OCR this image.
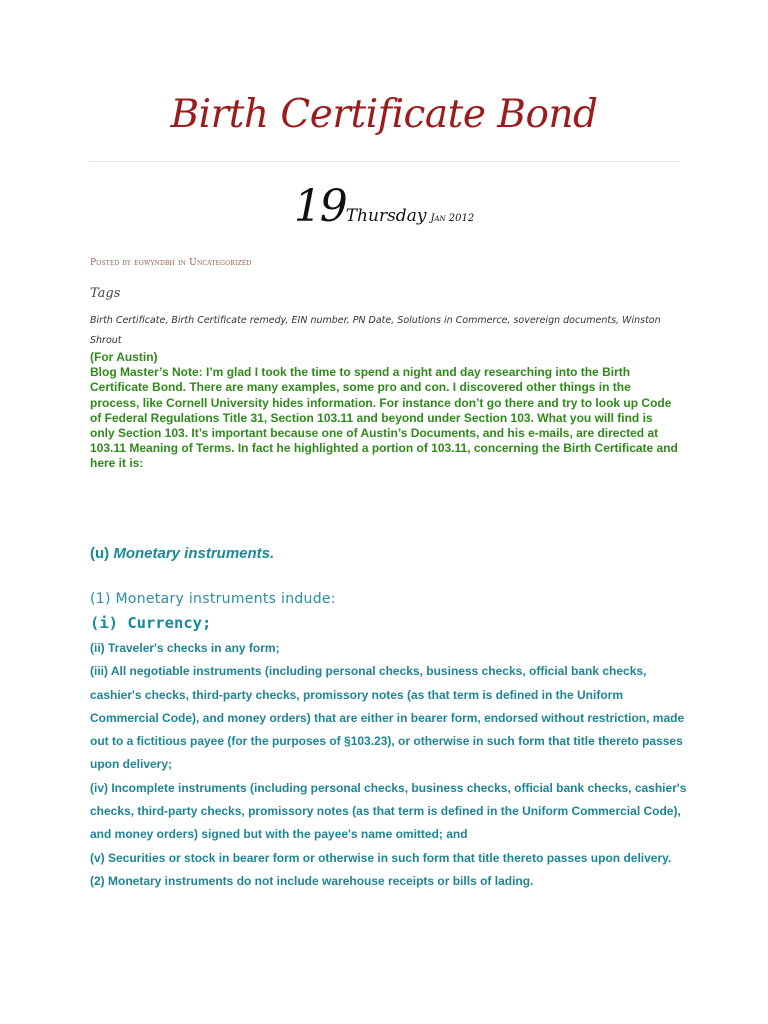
Birth Certificate Bond
19Thursday Jan 2012
Posted by eowyndbh in Uncategorized
Tags
Birth Certificate, Birth Certificate remedy, EIN number, PN Date, Solutions in Commerce, sovereign documents, Winston Shrout

(For Austin)

Blog Master’s Note: I’m glad I took the time to spend a night and day researching into the Birth Certificate Bond. There are many examples, some pro and con. I discovered other things in the process, like Cornell University hides information. For instance don’t go there and try to look up Code of Federal Regulations Title 31, Section 103.11 and beyond under Section 103. What you will find is only Section 103. It’s important because one of Austin’s Documents, and his e-mails, are directed at 103.11 Meaning of Terms. In fact he highlighted a portion of 103.11, concerning the Birth Certificate and here it is:

(u) Monetary instruments.
(1) Monetary instruments indude:
(i) Currency;

(ii) Traveler's checks in any form;

(iii) All negotiable instruments (including personal checks, business checks, official bank checks, cashier's checks, third-party checks, promissory notes (as that term is defined in the Uniform Commercial Code), and money orders) that are either in bearer form, endorsed without restriction, made out to a fictitious payee (for the purposes of §103.23), or otherwise in such form that title thereto passes upon delivery;

(iv) Incomplete instruments (including personal checks, business checks, official bank checks, cashier's checks, third-party checks, promissory notes (as that term is defined in the Uniform Commercial Code), and money orders) signed but with the payee's name omitted; and

(v) Securities or stock in bearer form or otherwise in such form that title thereto passes upon delivery.

(2) Monetary instruments do not include warehouse receipts or bills of lading.
